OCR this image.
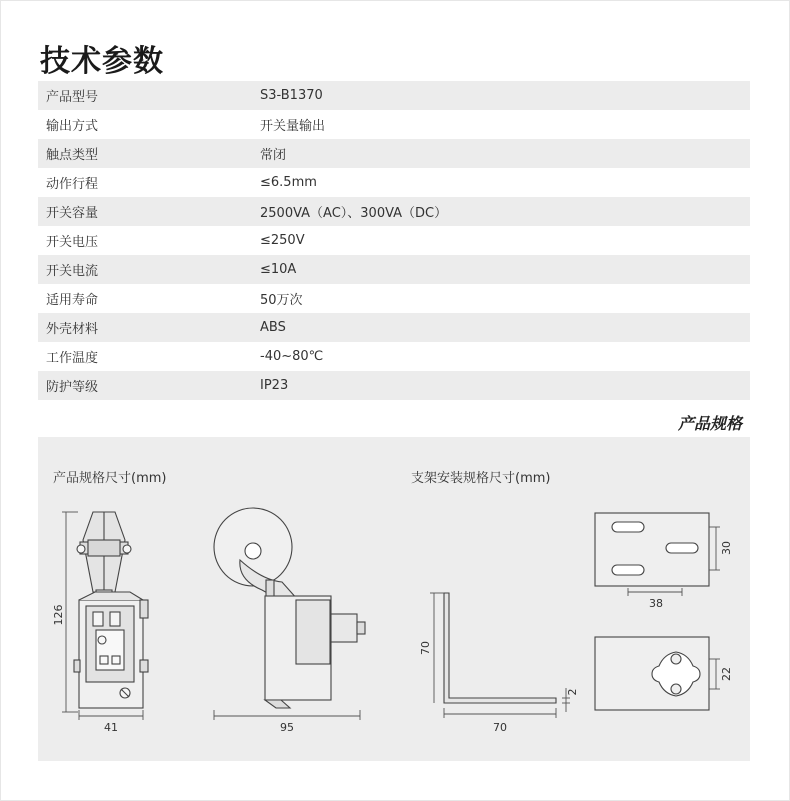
技术参数
产品型号	S3-B1370
输出方式	开关量输出
触点类型	常闭
动作行程	≤6.5mm
开关容量	2500VA（AC）、300VA（DC）
开关电压	≤250V
开关电流	≤10A
适用寿命	50万次
外壳材料	ABS
工作温度	-40~80℃
防护等级	IP23
产品规格
产品规格尺寸(mm)	支架安装规格尺寸(mm)
126
41	95
70
70
2
30
38
22
